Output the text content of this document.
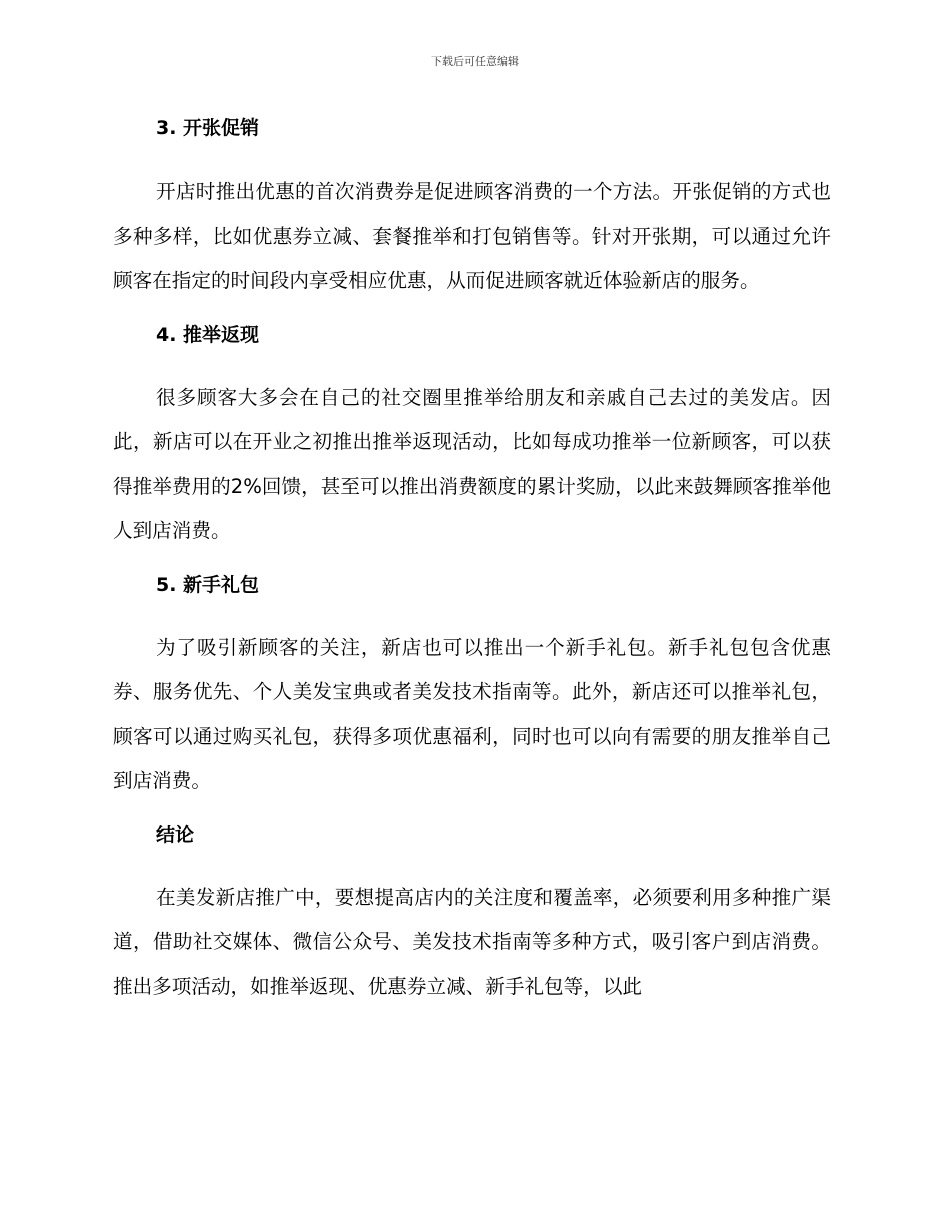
下载后可任意编辑
3. 开张促销

开店时推出优惠的首次消费券是促进顾客消费的一个方法。开张促销的方式也多种多样，比如优惠券立减、套餐推举和打包销售等。针对开张期，可以通过允许顾客在指定的时间段内享受相应优惠，从而促进顾客就近体验新店的服务。

4. 推举返现

很多顾客大多会在自己的社交圈里推举给朋友和亲戚自己去过的美发店。因此，新店可以在开业之初推出推举返现活动，比如每成功推举一位新顾客，可以获得推举费用的2%回馈，甚至可以推出消费额度的累计奖励，以此来鼓舞顾客推举他人到店消费。

5. 新手礼包

为了吸引新顾客的关注，新店也可以推出一个新手礼包。新手礼包包含优惠券、服务优先、个人美发宝典或者美发技术指南等。此外，新店还可以推举礼包，顾客可以通过购买礼包，获得多项优惠福利，同时也可以向有需要的朋友推举自己到店消费。

结论

在美发新店推广中，要想提高店内的关注度和覆盖率，必须要利用多种推广渠道，借助社交媒体、微信公众号、美发技术指南等多种方式，吸引客户到店消费。推出多项活动，如推举返现、优惠券立减、新手礼包等，以此
